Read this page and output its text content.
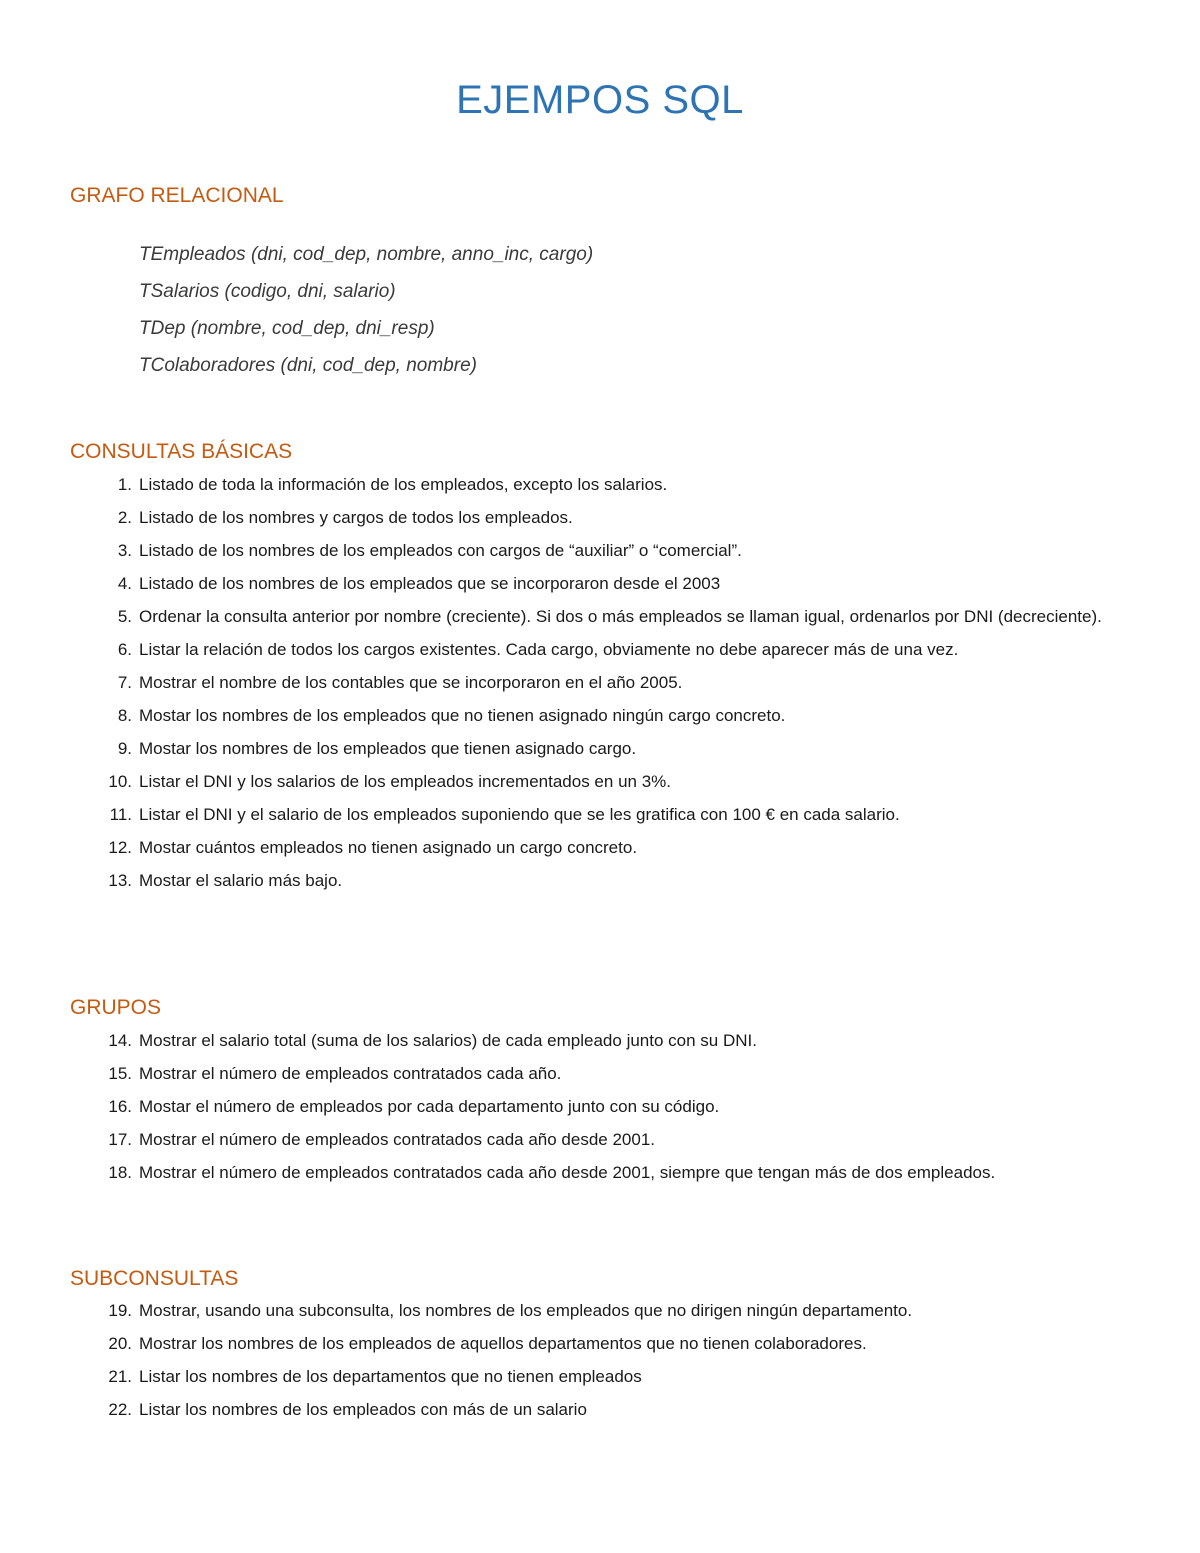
EJEMPOS SQL
GRAFO RELACIONAL
TEmpleados (dni, cod_dep, nombre, anno_inc, cargo)
TSalarios (codigo, dni, salario)
TDep (nombre, cod_dep, dni_resp)
TColaboradores (dni, cod_dep, nombre)
CONSULTAS BÁSICAS
1. Listado de toda la información de los empleados, excepto los salarios.
2. Listado de los nombres y cargos de todos los empleados.
3. Listado de los nombres de los empleados con cargos de “auxiliar” o “comercial”.
4. Listado de los nombres de los empleados que se incorporaron desde el 2003
5. Ordenar la consulta anterior por nombre (creciente). Si dos o más empleados se llaman igual, ordenarlos por DNI (decreciente).
6. Listar la relación de todos los cargos existentes. Cada cargo, obviamente no debe aparecer más de una vez.
7. Mostrar el nombre de los contables que se incorporaron en el año 2005.
8. Mostar los nombres de los empleados que no tienen asignado ningún cargo concreto.
9. Mostar los nombres de los empleados que tienen asignado cargo.
10. Listar el DNI y los salarios de los empleados incrementados en un 3%.
11. Listar el DNI y el salario de los empleados suponiendo que se les gratifica con 100 € en cada salario.
12. Mostar cuántos empleados no tienen asignado un cargo concreto.
13. Mostar el salario más bajo.
GRUPOS
14. Mostrar el salario total (suma de los salarios) de cada empleado junto con su DNI.
15. Mostrar el número de empleados contratados cada año.
16. Mostar el número de empleados por cada departamento junto con su código.
17. Mostrar el número de empleados contratados cada año desde 2001.
18. Mostrar el número de empleados contratados cada año desde 2001, siempre que tengan más de dos empleados.
SUBCONSULTAS
19. Mostrar, usando una subconsulta, los nombres de los empleados que no dirigen ningún departamento.
20. Mostrar los nombres de los empleados de aquellos departamentos que no tienen colaboradores.
21. Listar los nombres de los departamentos que no tienen empleados
22. Listar los nombres de los empleados con más de un salario
